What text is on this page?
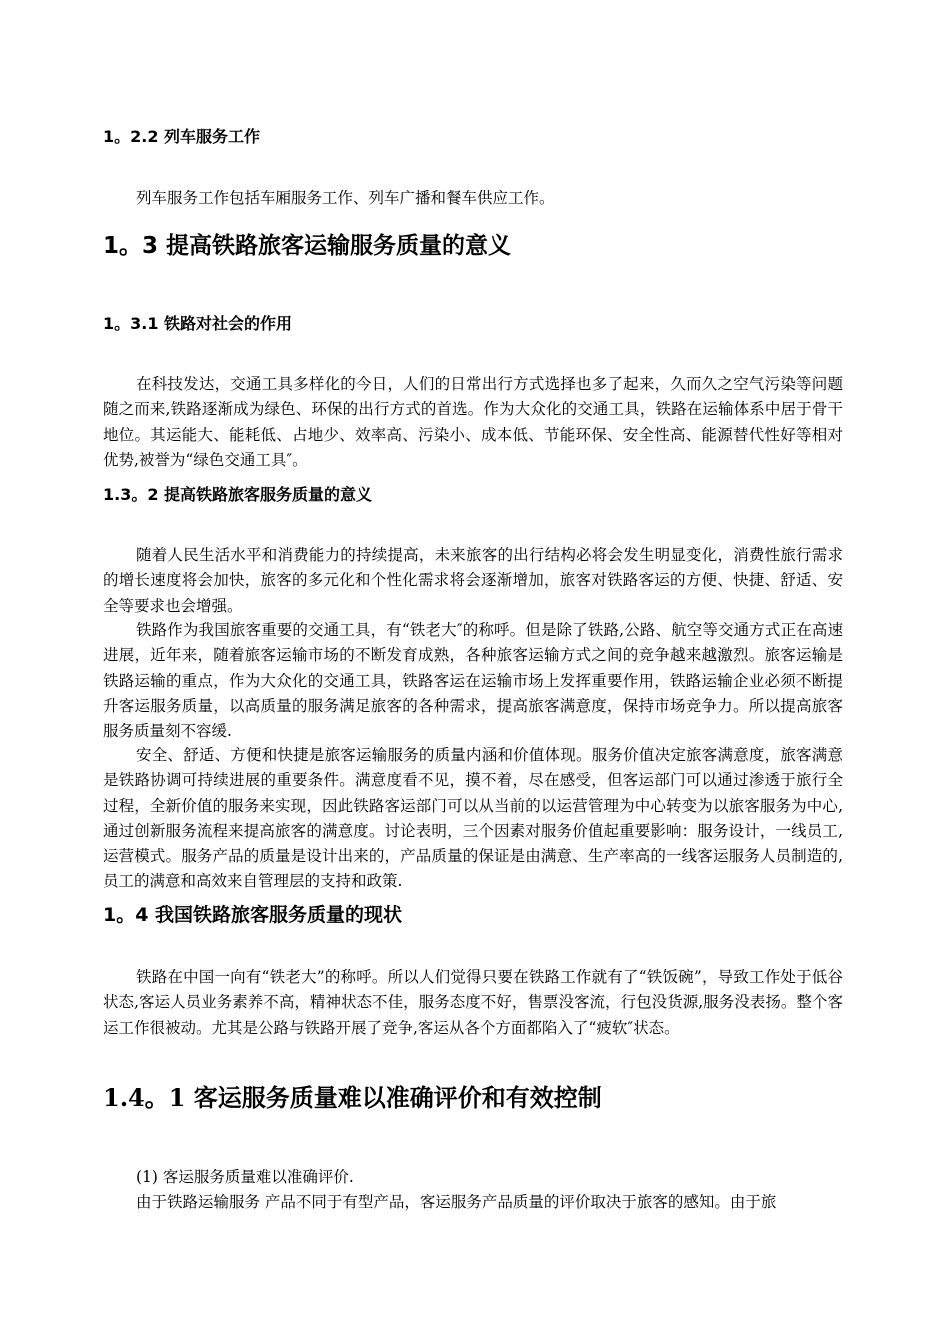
1。2.2 列车服务工作
列车服务工作包括车厢服务工作、列车广播和餐车供应工作。
1。3 提高铁路旅客运输服务质量的意义
1。3.1 铁路对社会的作用

在科技发达，交通工具多样化的今日，人们的日常出行方式选择也多了起来，久而久之空气污染等问题随之而来,铁路逐渐成为绿色、环保的出行方式的首选。作为大众化的交通工具，铁路在运输体系中居于骨干地位。其运能大、能耗低、占地少、效率高、污染小、成本低、节能环保、安全性高、能源替代性好等相对优势,被誉为“绿色交通工具″。

1.3。2 提高铁路旅客服务质量的意义

随着人民生活水平和消费能力的持续提高，未来旅客的出行结构必将会发生明显变化，消费性旅行需求的增长速度将会加快，旅客的多元化和个性化需求将会逐渐增加，旅客对铁路客运的方便、快捷、舒适、安全等要求也会增强。

铁路作为我国旅客重要的交通工具，有“铁老大″的称呼。但是除了铁路,公路、航空等交通方式正在高速进展，近年来，随着旅客运输市场的不断发育成熟，各种旅客运输方式之间的竞争越来越激烈。旅客运输是铁路运输的重点，作为大众化的交通工具，铁路客运在运输市场上发挥重要作用，铁路运输企业必须不断提升客运服务质量，以高质量的服务满足旅客的各种需求，提高旅客满意度，保持市场竞争力。所以提高旅客服务质量刻不容缓.

安全、舒适、方便和快捷是旅客运输服务的质量内涵和价值体现。服务价值决定旅客满意度，旅客满意是铁路协调可持续进展的重要条件。满意度看不见，摸不着，尽在感受，但客运部门可以通过渗透于旅行全过程，全新价值的服务来实现，因此铁路客运部门可以从当前的以运营管理为中心转变为以旅客服务为中心,通过创新服务流程来提高旅客的满意度。讨论表明，三个因素对服务价值起重要影响：服务设计，一线员工,运营模式。服务产品的质量是设计出来的，产品质量的保证是由满意、生产率高的一线客运服务人员制造的,员工的满意和高效来自管理层的支持和政策.

1。4 我国铁路旅客服务质量的现状

铁路在中国一向有“铁老大”的称呼。所以人们觉得只要在铁路工作就有了“铁饭碗”，导致工作处于低谷状态,客运人员业务素养不高，精神状态不佳，服务态度不好，售票没客流，行包没货源,服务没表扬。整个客运工作很被动。尤其是公路与铁路开展了竞争,客运从各个方面都陷入了“疲软″状态。

1.4。1 客运服务质量难以准确评价和有效控制
(1) 客运服务质量难以准确评价.
由于铁路运输服务 产品不同于有型产品，客运服务产品质量的评价取决于旅客的感知。由于旅
